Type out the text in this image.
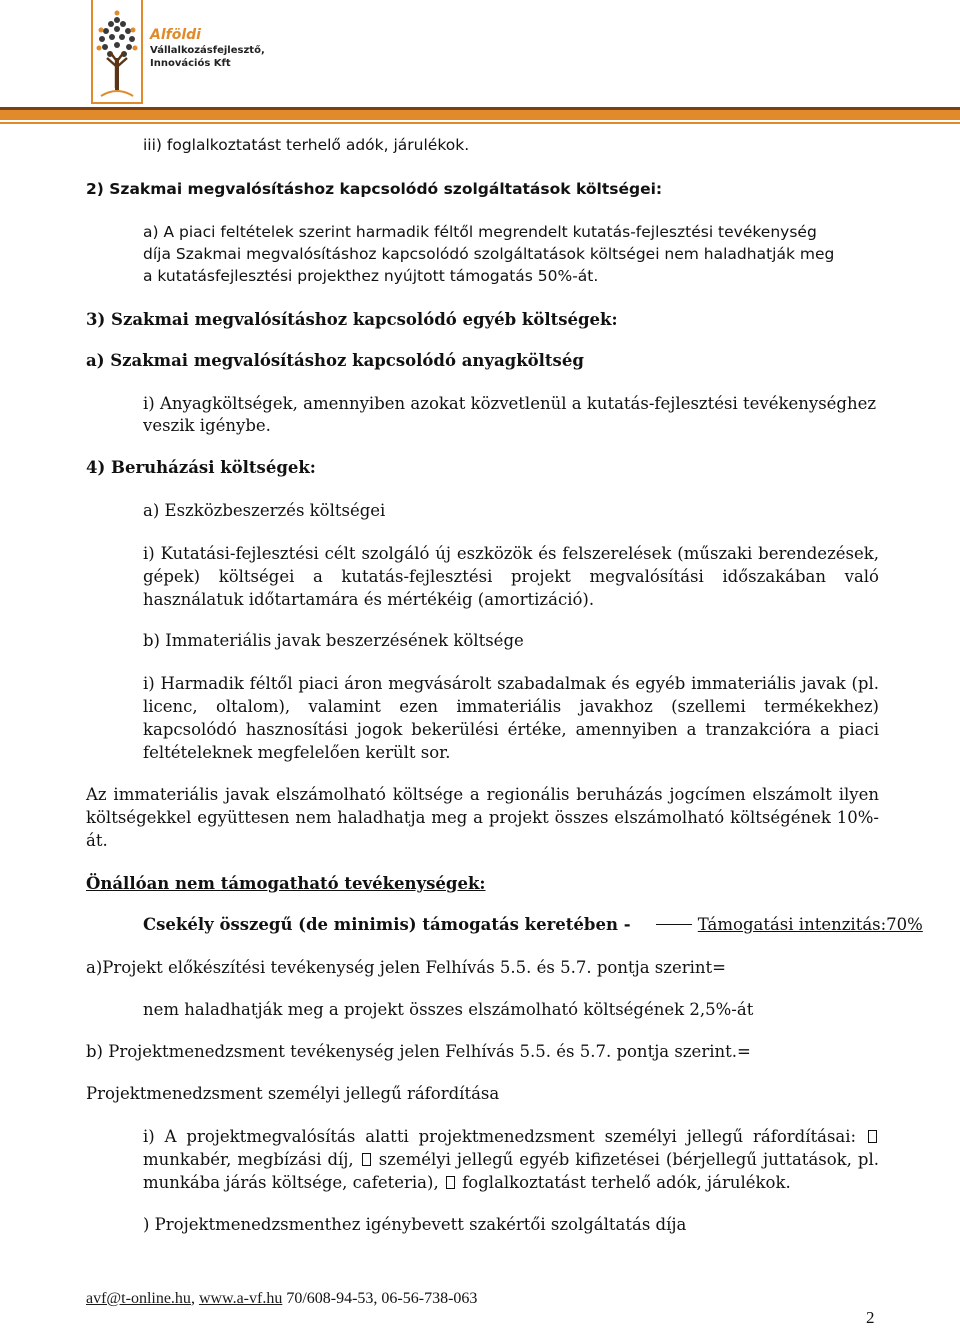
Alföldi
Vállalkozásfejlesztő,
Innovációs Kft
iii) foglalkoztatást terhelő adók, járulékok.
2) Szakmai megvalósításhoz kapcsolódó szolgáltatások költségei:
a) A piaci feltételek szerint harmadik féltől megrendelt kutatás-fejlesztési tevékenység
díja Szakmai megvalósításhoz kapcsolódó szolgáltatások költségei nem haladhatják meg
a kutatásfejlesztési projekthez nyújtott támogatás 50%-át.
3) Szakmai megvalósításhoz kapcsolódó egyéb költségek:
a) Szakmai megvalósításhoz kapcsolódó anyagköltség
i) Anyagköltségek, amennyiben azokat közvetlenül a kutatás-fejlesztési tevékenységhez
veszik igénybe.
4) Beruházási költségek:
a) Eszközbeszerzés költségei
i) Kutatási-fejlesztési célt szolgáló új eszközök és felszerelések (műszaki berendezések,
gépek) költségei a kutatás-fejlesztési projekt megvalósítási időszakában való
használatuk időtartamára és mértékéig (amortizáció).
b) Immateriális javak beszerzésének költsége
i) Harmadik féltől piaci áron megvásárolt szabadalmak és egyéb immateriális javak (pl.
licenc, oltalom), valamint ezen immateriális javakhoz (szellemi termékekhez)
kapcsolódó hasznosítási jogok bekerülési értéke, amennyiben a tranzakcióra a piaci
feltételeknek megfelelően került sor.
Az immateriális javak elszámolható költsége a regionális beruházás jogcímen elszámolt ilyen
költségekkel együttesen nem haladhatja meg a projekt összes elszámolható költségének 10%-
át.
Önállóan nem támogatható tevékenységek:
Csekély összegű (de minimis) támogatás keretében -	Támogatási intenzitás:70%
a)Projekt előkészítési tevékenység jelen Felhívás 5.5. és 5.7. pontja szerint=
nem haladhatják meg a projekt összes elszámolható költségének 2,5%-át
b) Projektmenedzsment tevékenység jelen Felhívás 5.5. és 5.7. pontja szerint.=
Projektmenedzsment személyi jellegű ráfordítása
i) A projektmegvalósítás alatti projektmenedzsment személyi jellegű ráfordításai:
munkabér, megbízási díj, személyi jellegű egyéb kifizetései (bérjellegű juttatások, pl.
munkába járás költsége, cafeteria), foglalkoztatást terhelő adók, járulékok.
) Projektmenedzsmenthez igénybevett szakértői szolgáltatás díja
avf@t-online.hu, www.a-vf.hu 70/608-94-53, 06-56-738-063
2
